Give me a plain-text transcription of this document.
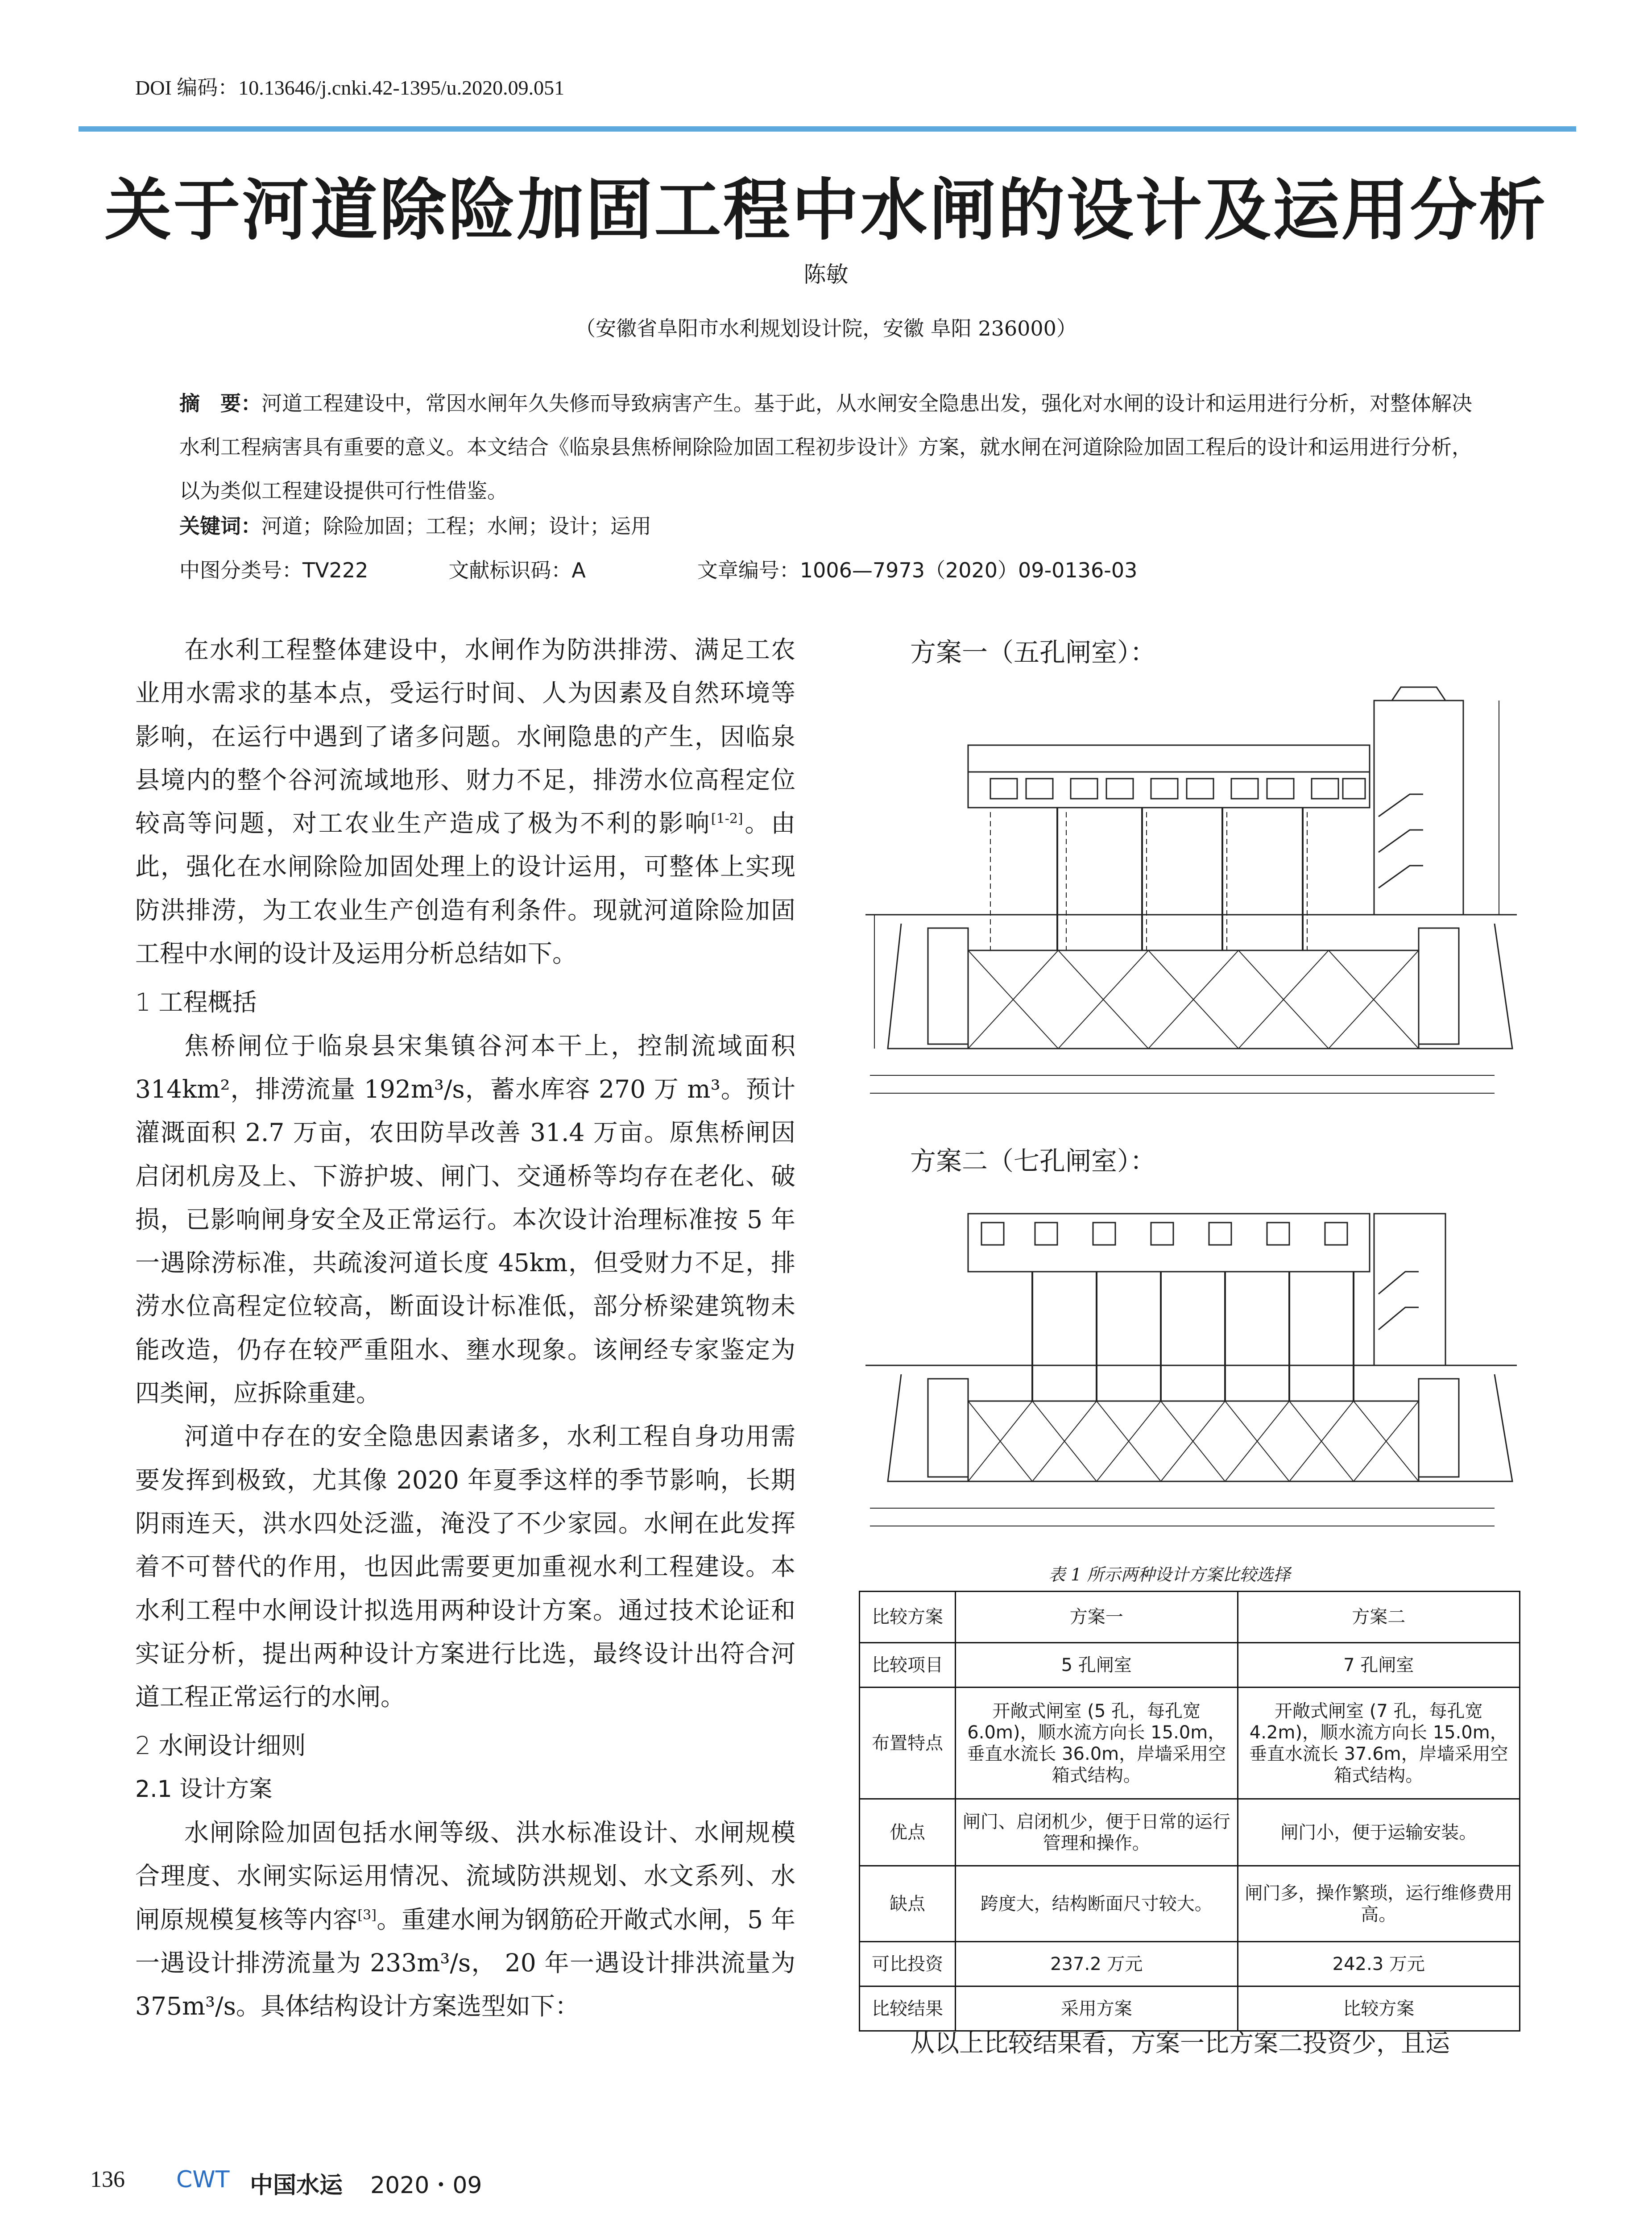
DOI 编码：10.13646/j.cnki.42-1395/u.2020.09.051
关于河道除险加固工程中水闸的设计及运用分析
陈敏
（安徽省阜阳市水利规划设计院，安徽 阜阳 236000）
摘　要：河道工程建设中，常因水闸年久失修而导致病害产生。基于此，从水闸安全隐患出发，强化对水闸的设计和运用进行分析，对整体解决水利工程病害具有重要的意义。本文结合《临泉县焦桥闸除险加固工程初步设计》方案，就水闸在河道除险加固工程后的设计和运用进行分析，以为类似工程建设提供可行性借鉴。
关键词：河道；除险加固；工程；水闸；设计；运用
中图分类号：TV222	文献标识码：A	文章编号：1006—7973（2020）09-0136-03

在水利工程整体建设中，水闸作为防洪排涝、满足工农业用水需求的基本点，受运行时间、人为因素及自然环境等影响，在运行中遇到了诸多问题。水闸隐患的产生，因临泉县境内的整个谷河流域地形、财力不足，排涝水位高程定位较高等问题，对工农业生产造成了极为不利的影响[1-2]。由此，强化在水闸除险加固处理上的设计运用，可整体上实现防洪排涝，为工农业生产创造有利条件。现就河道除险加固工程中水闸的设计及运用分析总结如下。

1 工程概括

焦桥闸位于临泉县宋集镇谷河本干上，控制流域面积 314km²，排涝流量 192m³/s，蓄水库容 270 万 m³。预计灌溉面积 2.7 万亩，农田防旱改善 31.4 万亩。原焦桥闸因启闭机房及上、下游护坡、闸门、交通桥等均存在老化、破损，已影响闸身安全及正常运行。本次设计治理标准按 5 年一遇除涝标准，共疏浚河道长度 45km，但受财力不足，排涝水位高程定位较高，断面设计标准低，部分桥梁建筑物未能改造，仍存在较严重阻水、壅水现象。该闸经专家鉴定为四类闸，应拆除重建。

河道中存在的安全隐患因素诸多，水利工程自身功用需要发挥到极致，尤其像 2020 年夏季这样的季节影响，长期阴雨连天，洪水四处泛滥，淹没了不少家园。水闸在此发挥着不可替代的作用，也因此需要更加重视水利工程建设。本水利工程中水闸设计拟选用两种设计方案。通过技术论证和实证分析，提出两种设计方案进行比选，最终设计出符合河道工程正常运行的水闸。

2 水闸设计细则

2.1 设计方案

水闸除险加固包括水闸等级、洪水标准设计、水闸规模合理度、水闸实际运用情况、流域防洪规划、水文系列、水闸原规模复核等内容[3]。重建水闸为钢筋砼开敞式水闸，5 年一遇设计排涝流量为 233m³/s， 20 年一遇设计排洪流量为 375m³/s。具体结构设计方案选型如下：

方案一（五孔闸室）：
方案二（七孔闸室）：
表 1 所示两种设计方案比较选择
比较方案	方案一	方案二
比较项目	5 孔闸室	7 孔闸室
布置特点	开敞式闸室 (5 孔，每孔宽 6.0m)，顺水流方向长 15.0m，垂直水流长 36.0m，岸墙采用空箱式结构。	开敞式闸室 (7 孔，每孔宽 4.2m)，顺水流方向长 15.0m，垂直水流长 37.6m，岸墙采用空箱式结构。
优点	闸门、启闭机少，便于日常的运行管理和操作。	闸门小，便于运输安装。
缺点	跨度大，结构断面尺寸较大。	闸门多，操作繁琐，运行维修费用高。
可比投资	237.2 万元	242.3 万元
比较结果	采用方案	比较方案
从以上比较结果看，方案一比方案二投资少，且运
136 CWT 中国水运 2020・09
